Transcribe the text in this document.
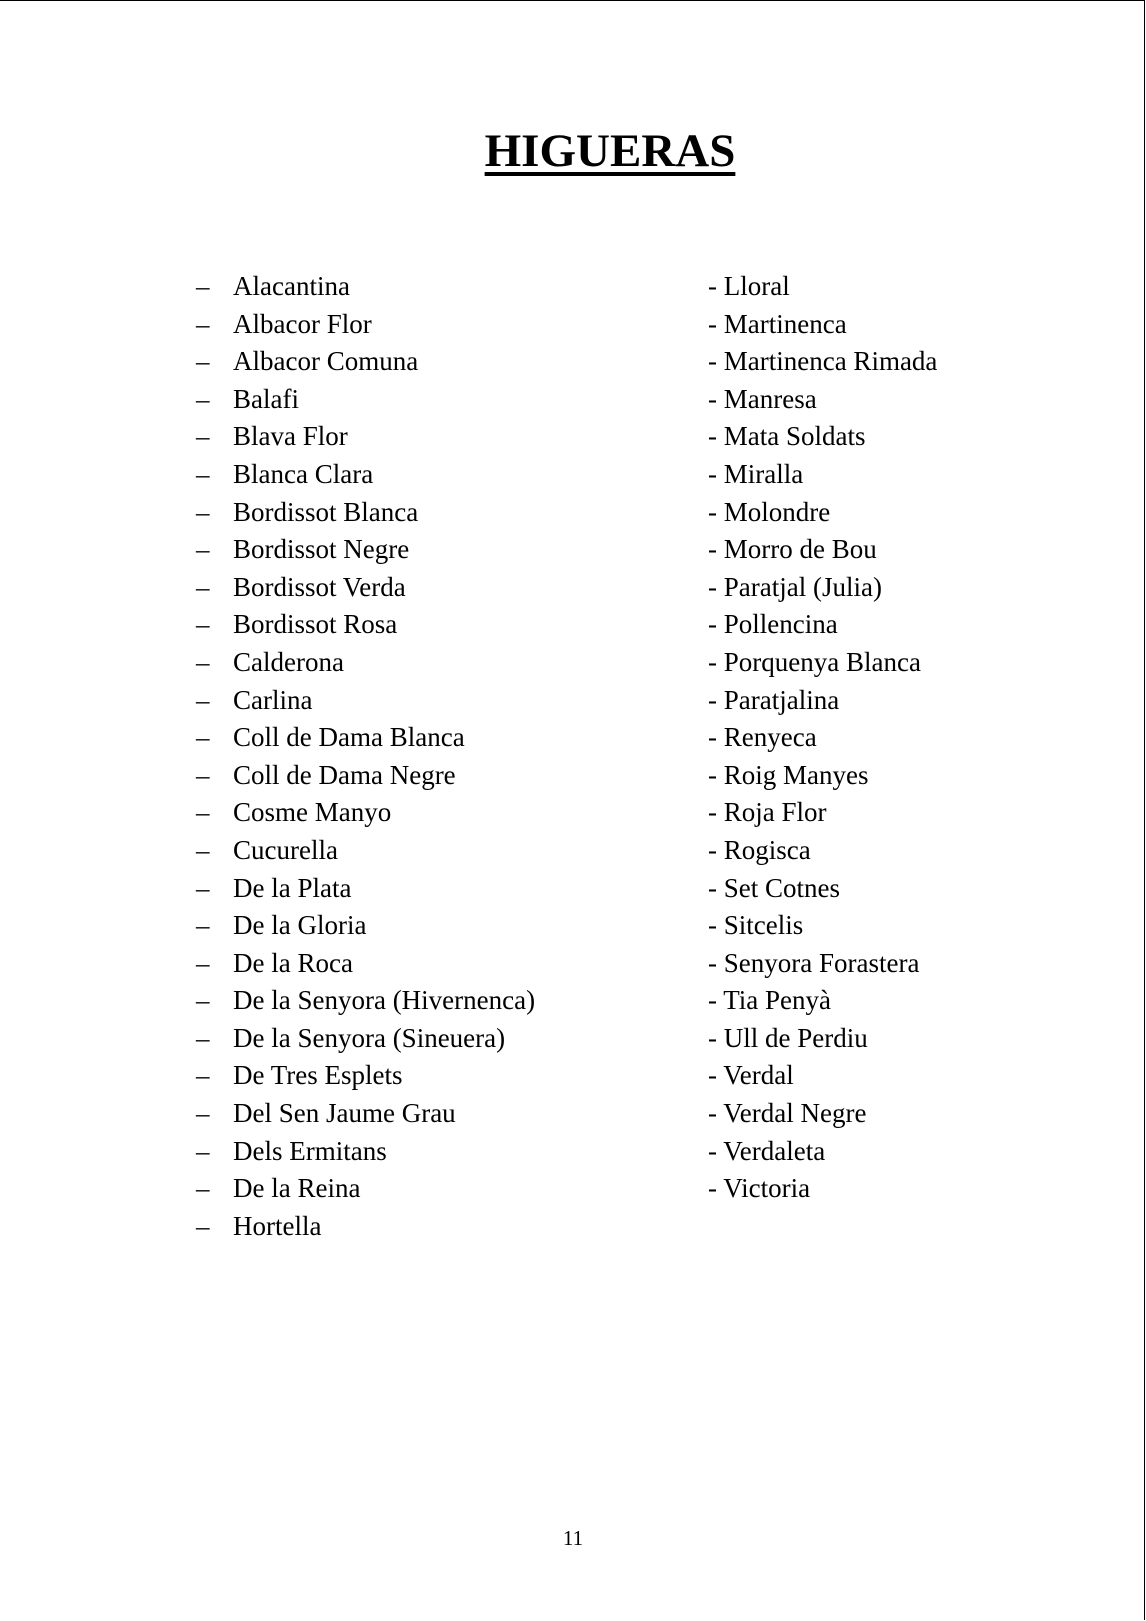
HIGUERAS
– Alacantina
– Albacor Flor
– Albacor Comuna
– Balafi
– Blava Flor
– Blanca Clara
– Bordissot Blanca
– Bordissot Negre
– Bordissot Verda
– Bordissot Rosa
– Calderona
– Carlina
– Coll de Dama Blanca
– Coll de Dama Negre
– Cosme Manyo
– Cucurella
– De la Plata
– De la Gloria
– De la Roca
– De la Senyora (Hivernenca)
– De la Senyora (Sineuera)
– De Tres Esplets
– Del Sen Jaume Grau
– Dels Ermitans
– De la Reina
– Hortella
- Lloral
- Martinenca
- Martinenca Rimada
- Manresa
- Mata Soldats
- Miralla
- Molondre
- Morro de Bou
- Paratjal (Julia)
- Pollencina
- Porquenya Blanca
- Paratjalina
- Renyeca
- Roig Manyes
- Roja Flor
- Rogisca
- Set Cotnes
- Sitcelis
- Senyora Forastera
- Tia Penyà
- Ull de Perdiu
- Verdal
- Verdal Negre
- Verdaleta
- Victoria
11
